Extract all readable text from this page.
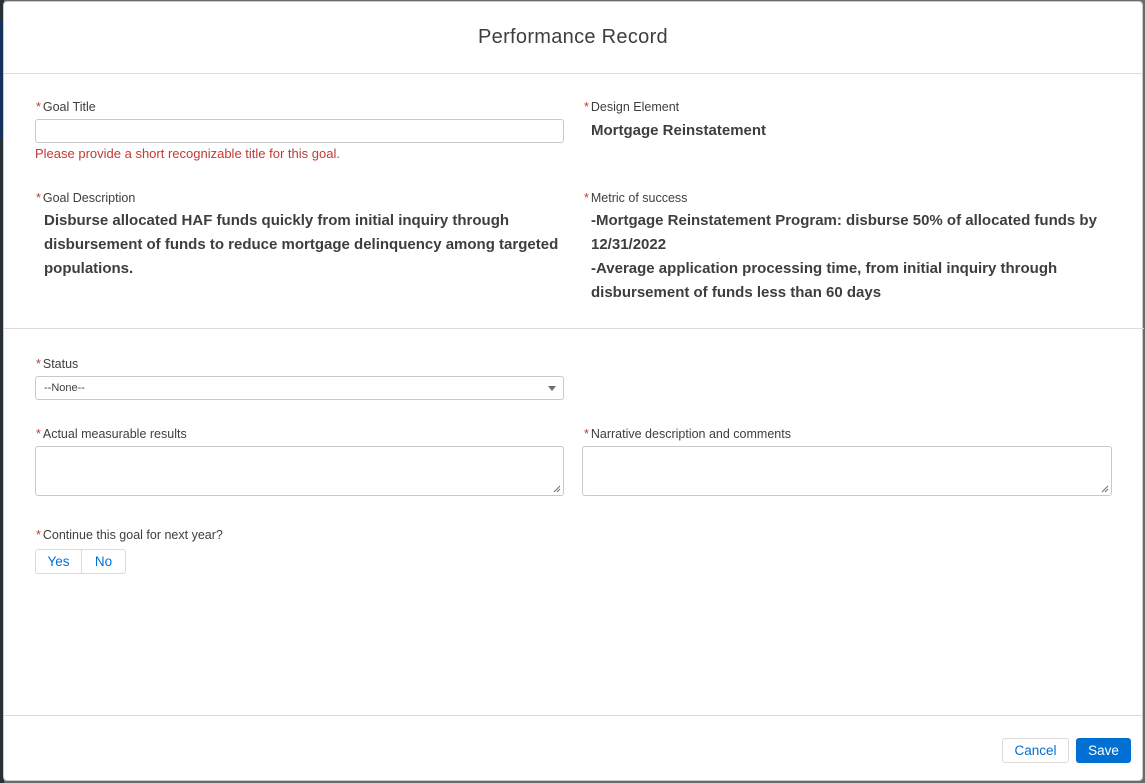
Performance Record
* Goal Title
Please provide a short recognizable title for this goal.
* Design Element
Mortgage Reinstatement
* Goal Description
Disburse allocated HAF funds quickly from initial inquiry through
disbursement of funds to reduce mortgage delinquency among targeted
populations.
* Metric of success
-Mortgage Reinstatement Program: disburse 50% of allocated funds by
12/31/2022
-Average application processing time, from initial inquiry through
disbursement of funds less than 60 days
* Status
--None--
* Actual measurable results	* Narrative description and comments
* Continue this goal for next year?
Yes	No
Cancel	Save
